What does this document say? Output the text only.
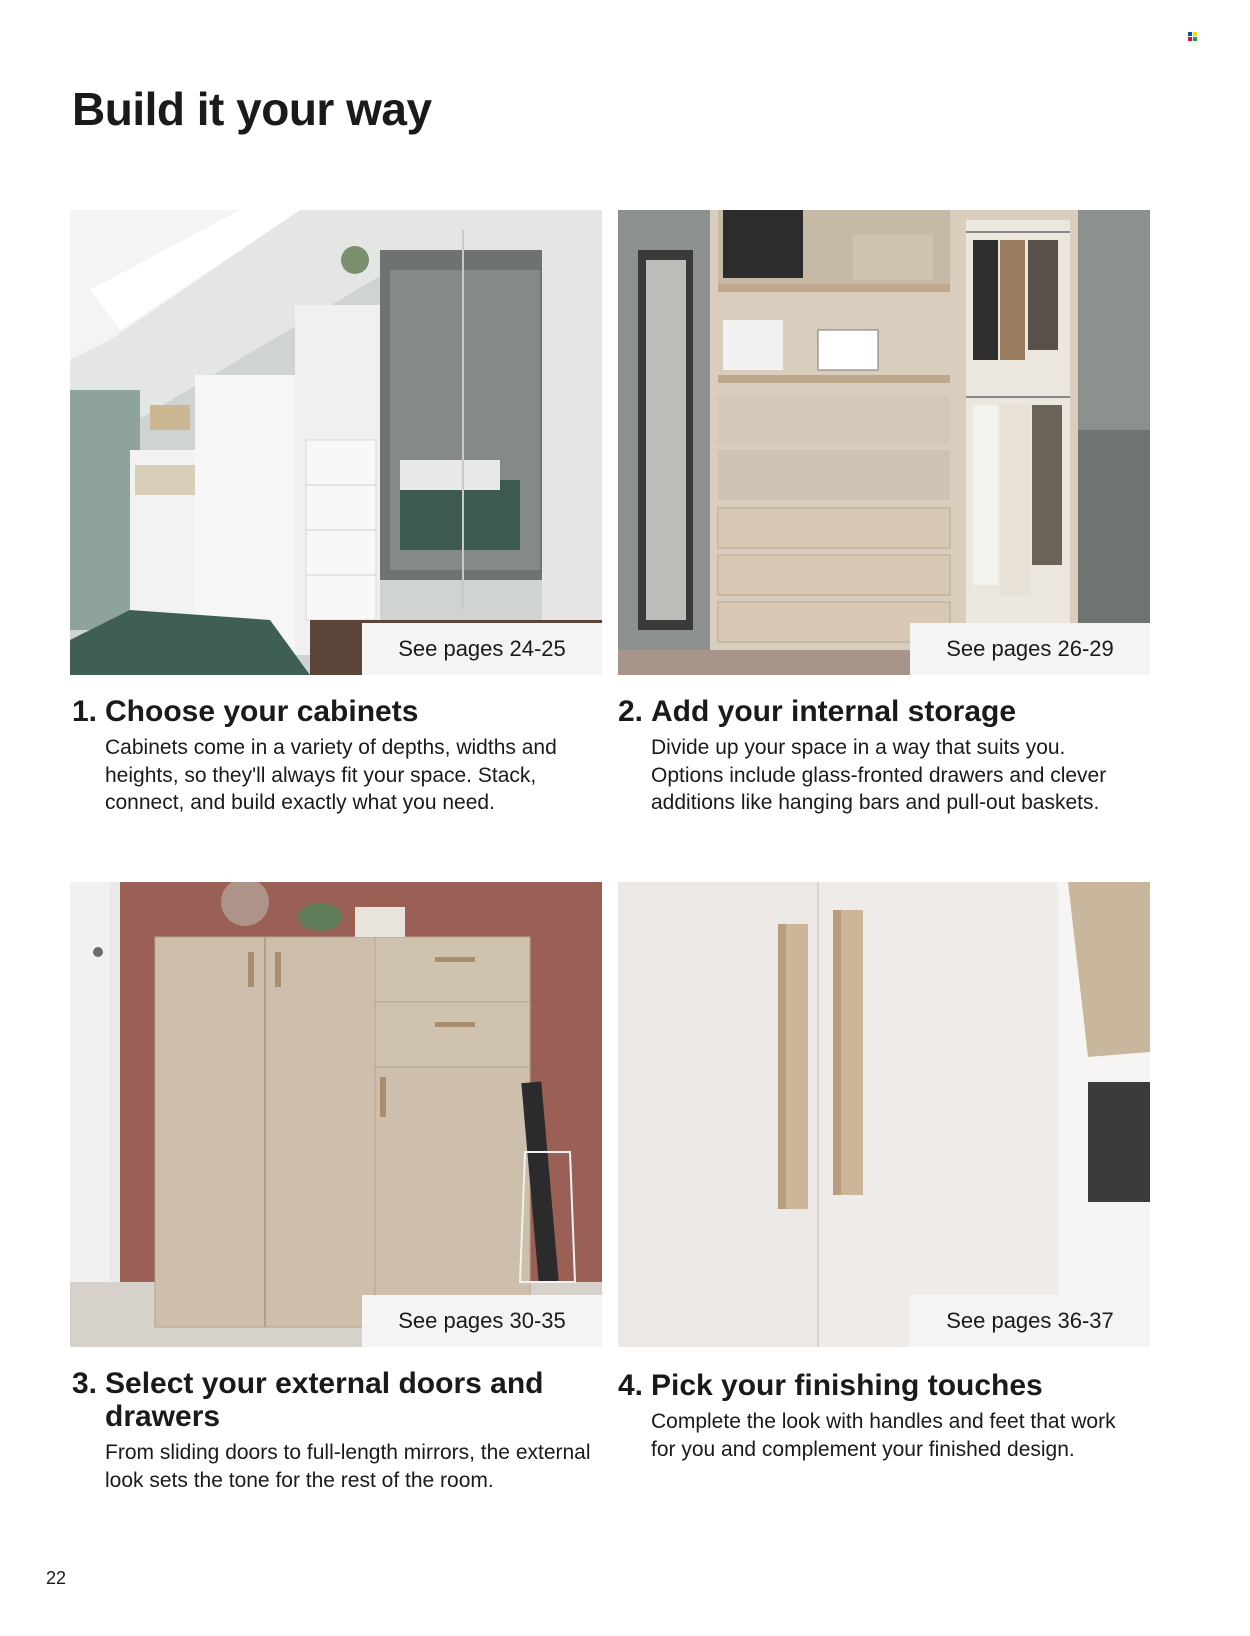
Build it your way
See pages 24-25	See pages 26-29
1. Choose your cabinets
Cabinets come in a variety of depths, widths and heights, so they'll always fit your space. Stack, connect, and build exactly what you need.
2. Add your internal storage
Divide up your space in a way that suits you. Options include glass-fronted drawers and clever additions like hanging bars and pull-out baskets.
See pages 30-35	See pages 36-37
3. Select your external doors and drawers
From sliding doors to full-length mirrors, the external look sets the tone for the rest of the room.
4. Pick your finishing touches
Complete the look with handles and feet that work for you and complement your finished design.
22
